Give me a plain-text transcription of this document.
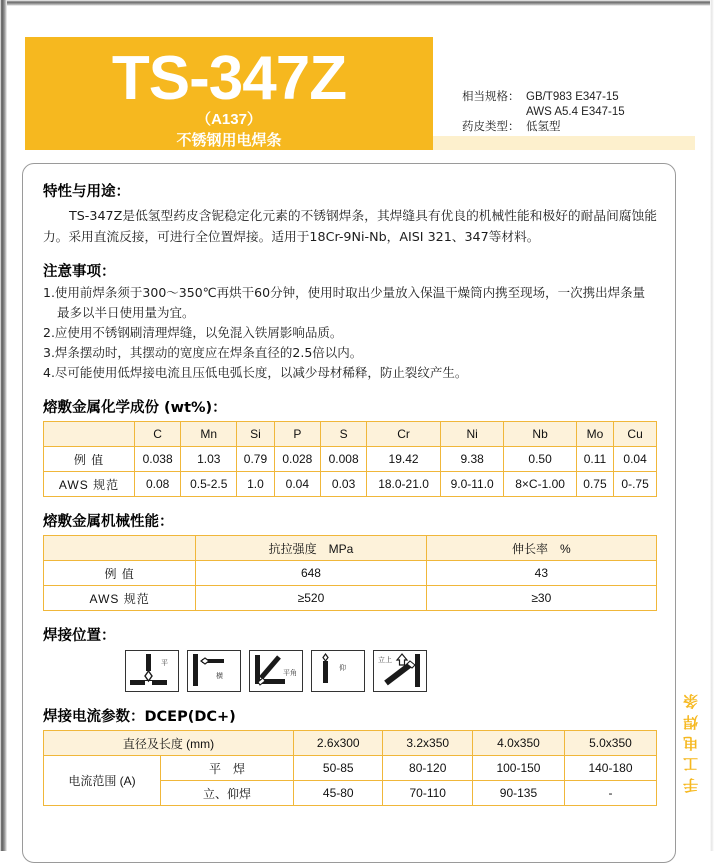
TS-347Z
（A137）
不锈钢用电焊条
相当规格： GB/T983 E347-15
AWS A5.4 E347-15
药皮类型： 低氢型
特性与用途：

TS-347Z是低氢型药皮含铌稳定化元素的不锈钢焊条，其焊缝具有优良的机械性能和极好的耐晶间腐蚀能力。采用直流反接，可进行全位置焊接。适用于18Cr-9Ni-Nb，AISI 321、347等材料。

注意事项：
1.使用前焊条须于300～350℃再烘干60分钟，使用时取出少量放入保温干燥筒内携至现场，一次携出焊条量最多以半日使用量为宜。
2.应使用不锈钢刷清理焊缝，以免混入铁屑影响品质。
3.焊条摆动时，其摆动的宽度应在焊条直径的2.5倍以内。
4.尽可能使用低焊接电流且压低电弧长度，以减少母材稀释，防止裂纹产生。
熔敷金属化学成份 (wt%)：
	C	Mn	Si	P	S	Cr	Ni	Nb	Mo	Cu
例 值	0.038	1.03	0.79	0.028	0.008	19.42	9.38	0.50	0.11	0.04
AWS 规范	0.08	0.5-2.5	1.0	0.04	0.03	18.0-21.0	9.0-11.0	8×C-1.00	0.75	0-.75
熔敷金属机械性能：
	抗拉强度　MPa	伸长率　%
例 值	648	43
AWS 规范	≥520	≥30
焊接位置：
平
横	平角
仰
立上
焊接电流参数：DCEP(DC+)
直径及长度 (mm)		2.6x300	3.2x350	4.0x350	5.0x350
电流范围 (A)	平　焊	50-85	80-120	100-150	140-180
	立、仰焊	45-80	70-110	90-135	-	手
工
电
焊
条
